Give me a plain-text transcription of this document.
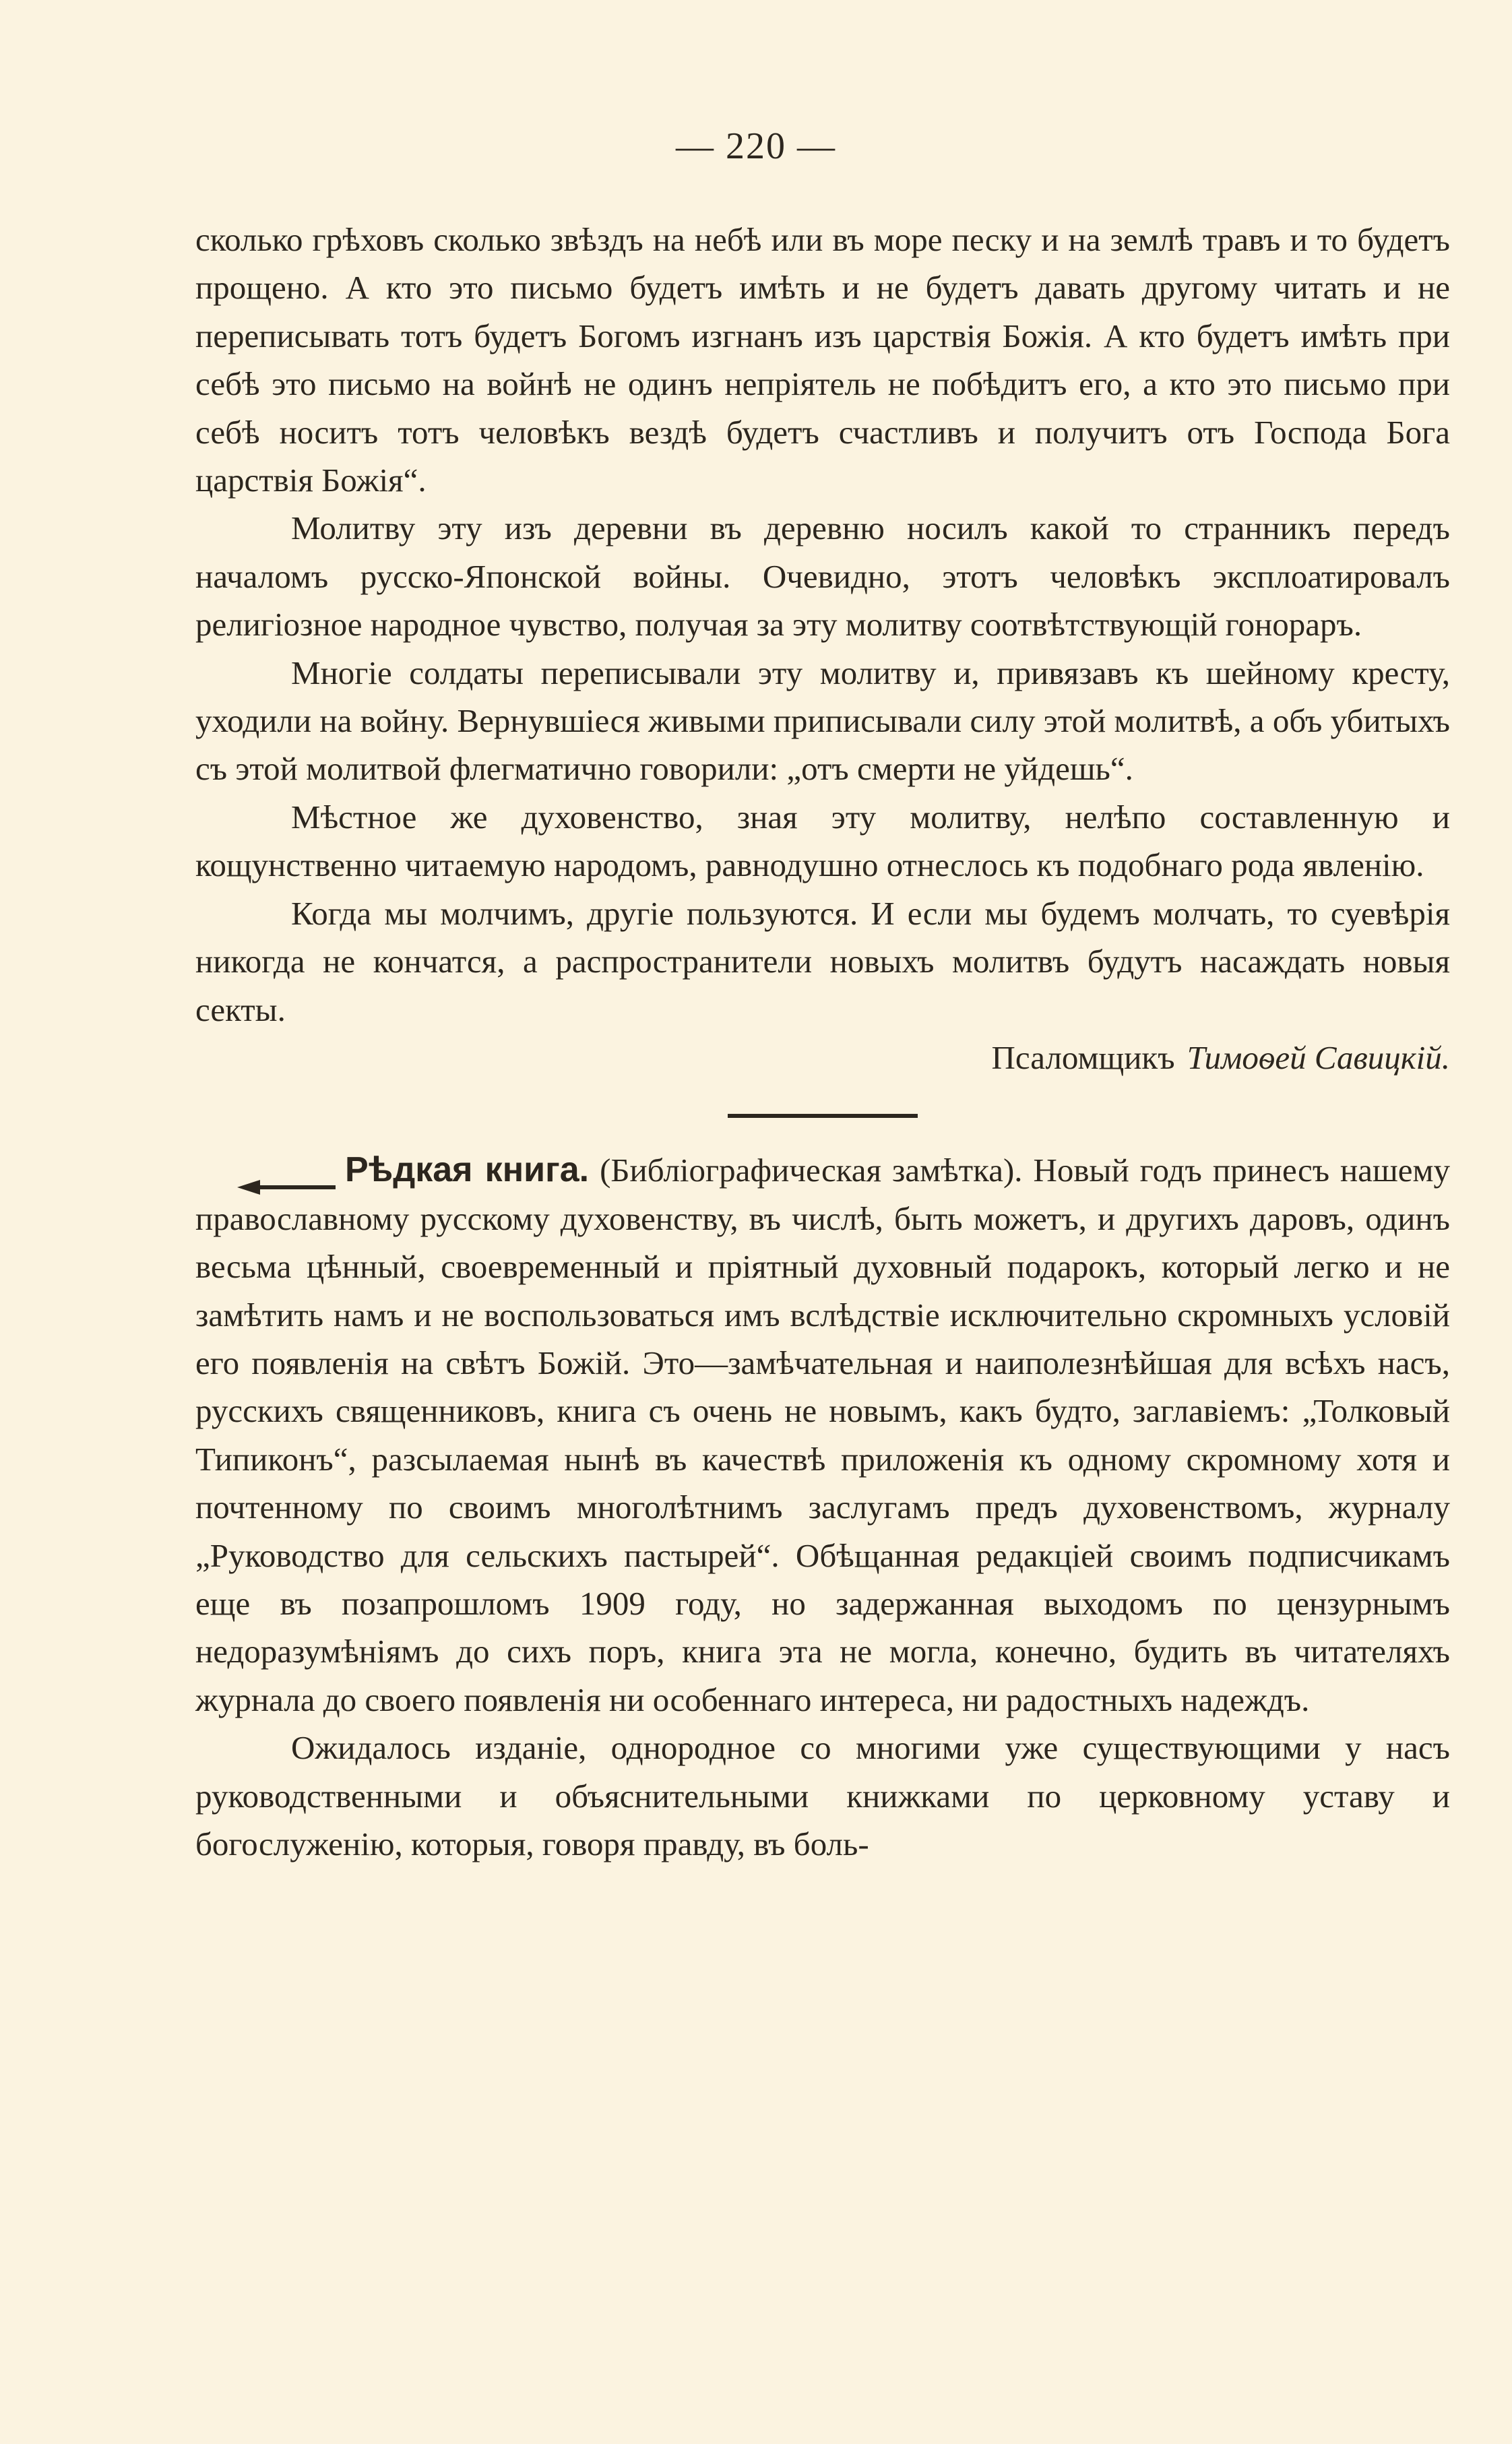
— 220 —

сколько грѣховъ сколько звѣздъ на небѣ или въ море песку и на землѣ травъ и то будетъ прощено. А кто это письмо будетъ имѣть и не будетъ давать другому читать и не переписывать тотъ будетъ Богомъ изгнанъ изъ царствія Божія. А кто будетъ имѣть при себѣ это письмо на войнѣ не одинъ непріятель не побѣдитъ его, а кто это письмо при себѣ носитъ тотъ человѣкъ вездѣ будетъ счастливъ и получитъ отъ Господа Бога царствія Божія“.

Молитву эту изъ деревни въ деревню носилъ какой то странникъ передъ началомъ русско-Японской войны. Очевидно, этотъ человѣкъ эксплоатировалъ религіозное народное чувство, получая за эту молитву соотвѣтствующій гонораръ.

Многіе солдаты переписывали эту молитву и, привязавъ къ шейному кресту, уходили на войну. Вернувшіеся живыми приписывали силу этой молитвѣ, а объ убитыхъ съ этой молитвой флегматично говорили: „отъ смерти не уйдешь“.

Мѣстное же духовенство, зная эту молитву, нелѣпо составленную и кощунственно читаемую народомъ, равнодушно отнеслось къ подобнаго рода явленію.

Когда мы молчимъ, другіе пользуются. И если мы будемъ молчать, то суевѣрія никогда не кончатся, а распространители новыхъ молитвъ будутъ насаждать новыя секты.

Псаломщикъ Тимоѳей Савицкій.

Рѣдкая книга. (Библіографическая замѣтка). Новый годъ принесъ нашему православному русскому духовенству, въ числѣ, быть можетъ, и другихъ даровъ, одинъ весьма цѣнный, своевременный и пріятный духовный подарокъ, который легко и не замѣтить намъ и не воспользоваться имъ вслѣдствіе исключительно скромныхъ условій его появленія на свѣтъ Божій. Это—замѣчательная и наиполезнѣйшая для всѣхъ насъ, русскихъ священниковъ, книга съ очень не новымъ, какъ будто, заглавіемъ: „Толковый Типиконъ“, разсылаемая нынѣ въ качествѣ приложенія къ одному скромному хотя и почтенному по своимъ многолѣтнимъ заслугамъ предъ духовенствомъ, журналу „Руководство для сельскихъ пастырей“. Обѣщанная редакціей своимъ подписчикамъ еще въ позапрошломъ 1909 году, но задержанная выходомъ по цензурнымъ недоразумѣніямъ до сихъ поръ, книга эта не могла, конечно, будить въ читателяхъ журнала до своего появленія ни особеннаго интереса, ни радостныхъ надеждъ.

Ожидалось изданіе, однородное со многими уже существующими у насъ руководственными и объяснительными книжками по церковному уставу и богослуженію, которыя, говоря правду, въ боль-
